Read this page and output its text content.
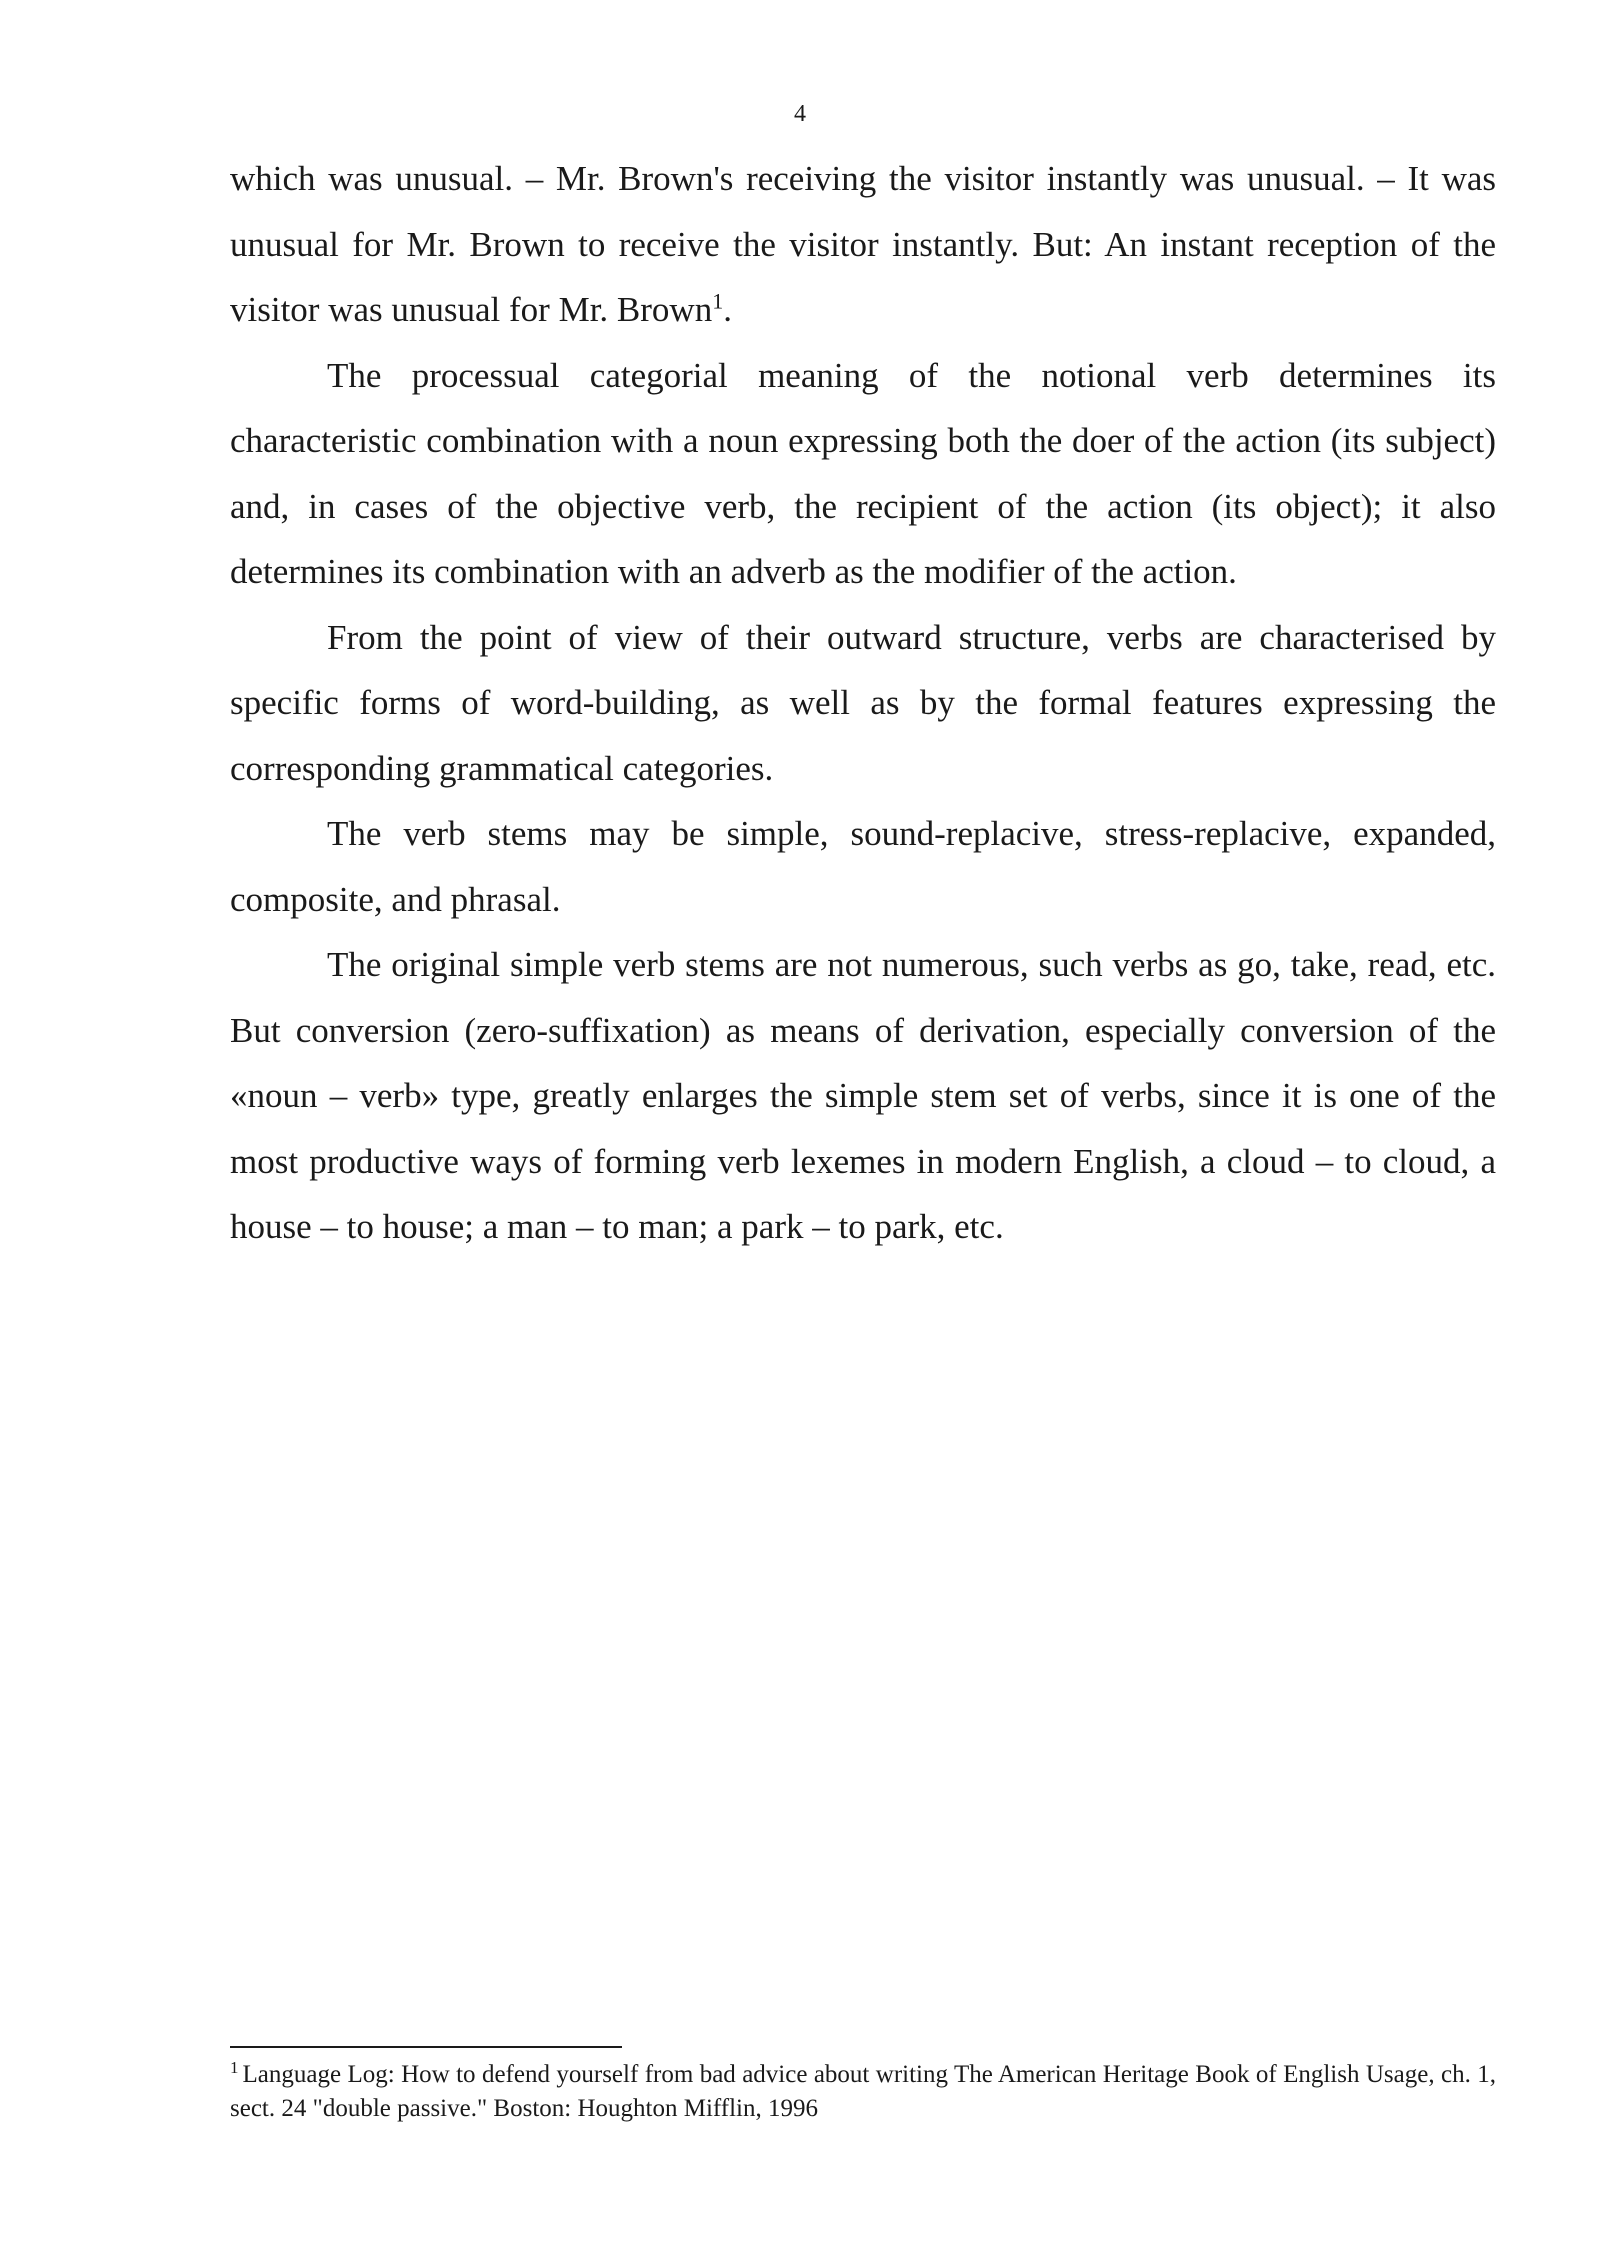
4

which was unusual. – Mr. Brown's receiving the visitor instantly was unusual. – It was unusual for Mr. Brown to receive the visitor instantly. But: An instant reception of the visitor was unusual for Mr. Brown$^1$.

The processual categorial meaning of the notional verb determines its characteristic combination with a noun expressing both the doer of the action (its subject) and, in cases of the objective verb, the recipient of the action (its object); it also determines its combination with an adverb as the modifier of the action.

From the point of view of their outward structure, verbs are characterised by specific forms of word-building, as well as by the formal features expressing the corresponding grammatical categories.

The verb stems may be simple, sound-replacive, stress-replacive, expanded, composite, and phrasal.

The original simple verb stems are not numerous, such verbs as go, take, read, etc. But conversion (zero-suffixation) as means of derivation, especially conversion of the «noun – verb» type, greatly enlarges the simple stem set of verbs, since it is one of the most productive ways of forming verb lexemes in modern English, a cloud – to cloud, a house – to house; a man – to man; a park – to park, etc.

$^1$ Language Log: How to defend yourself from bad advice about writing The American Heritage Book of English Usage, ch. 1, sect. 24 "double passive." Boston: Houghton Mifflin, 1996
